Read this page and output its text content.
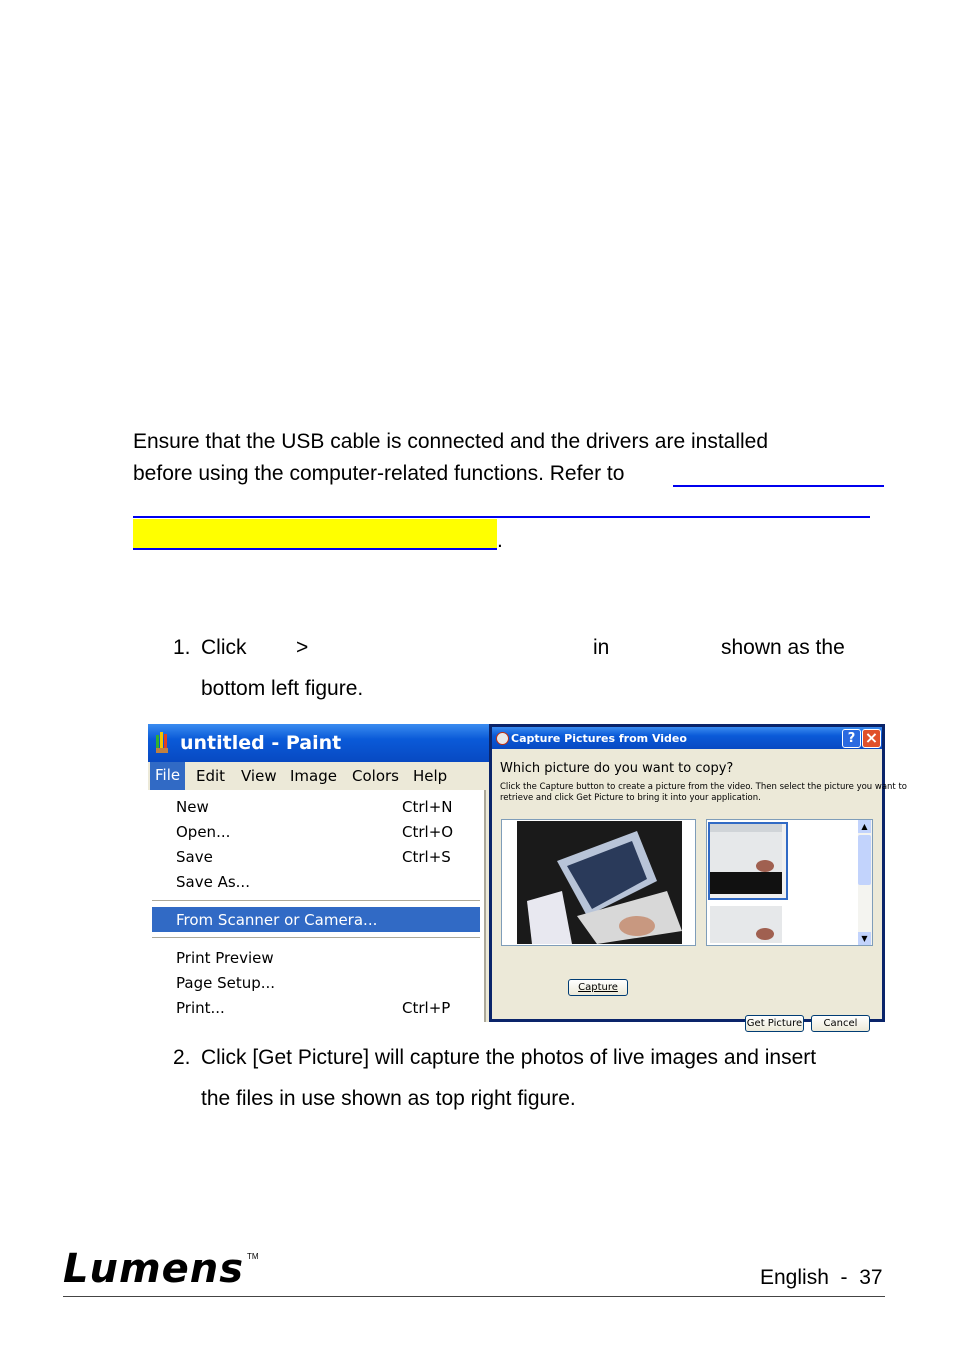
Ensure that the USB cable is connected and the drivers are installed
before using the computer-related functions. Refer to
.
1. Click >	in	shown as the
bottom left figure.
untitled - Paint
File	Edit View Image Colors Help
New	Ctrl+N
Open...	Ctrl+O
Save	Ctrl+S
Save As...
From Scanner or Camera...
Print Preview
Page Setup...
Print...	Ctrl+P
Capture Pictures from Video	? ×
Which picture do you want to copy?
Click the Capture button to create a picture from the video. Then select the picture you want to
retrieve and click Get Picture to bring it into your application.
▲
▼
Capture
Get Picture	Cancel
2. Click [Get Picture] will capture the photos of live images and insert
the files in use shown as top right figure.
Lumens TM
English  -  37
